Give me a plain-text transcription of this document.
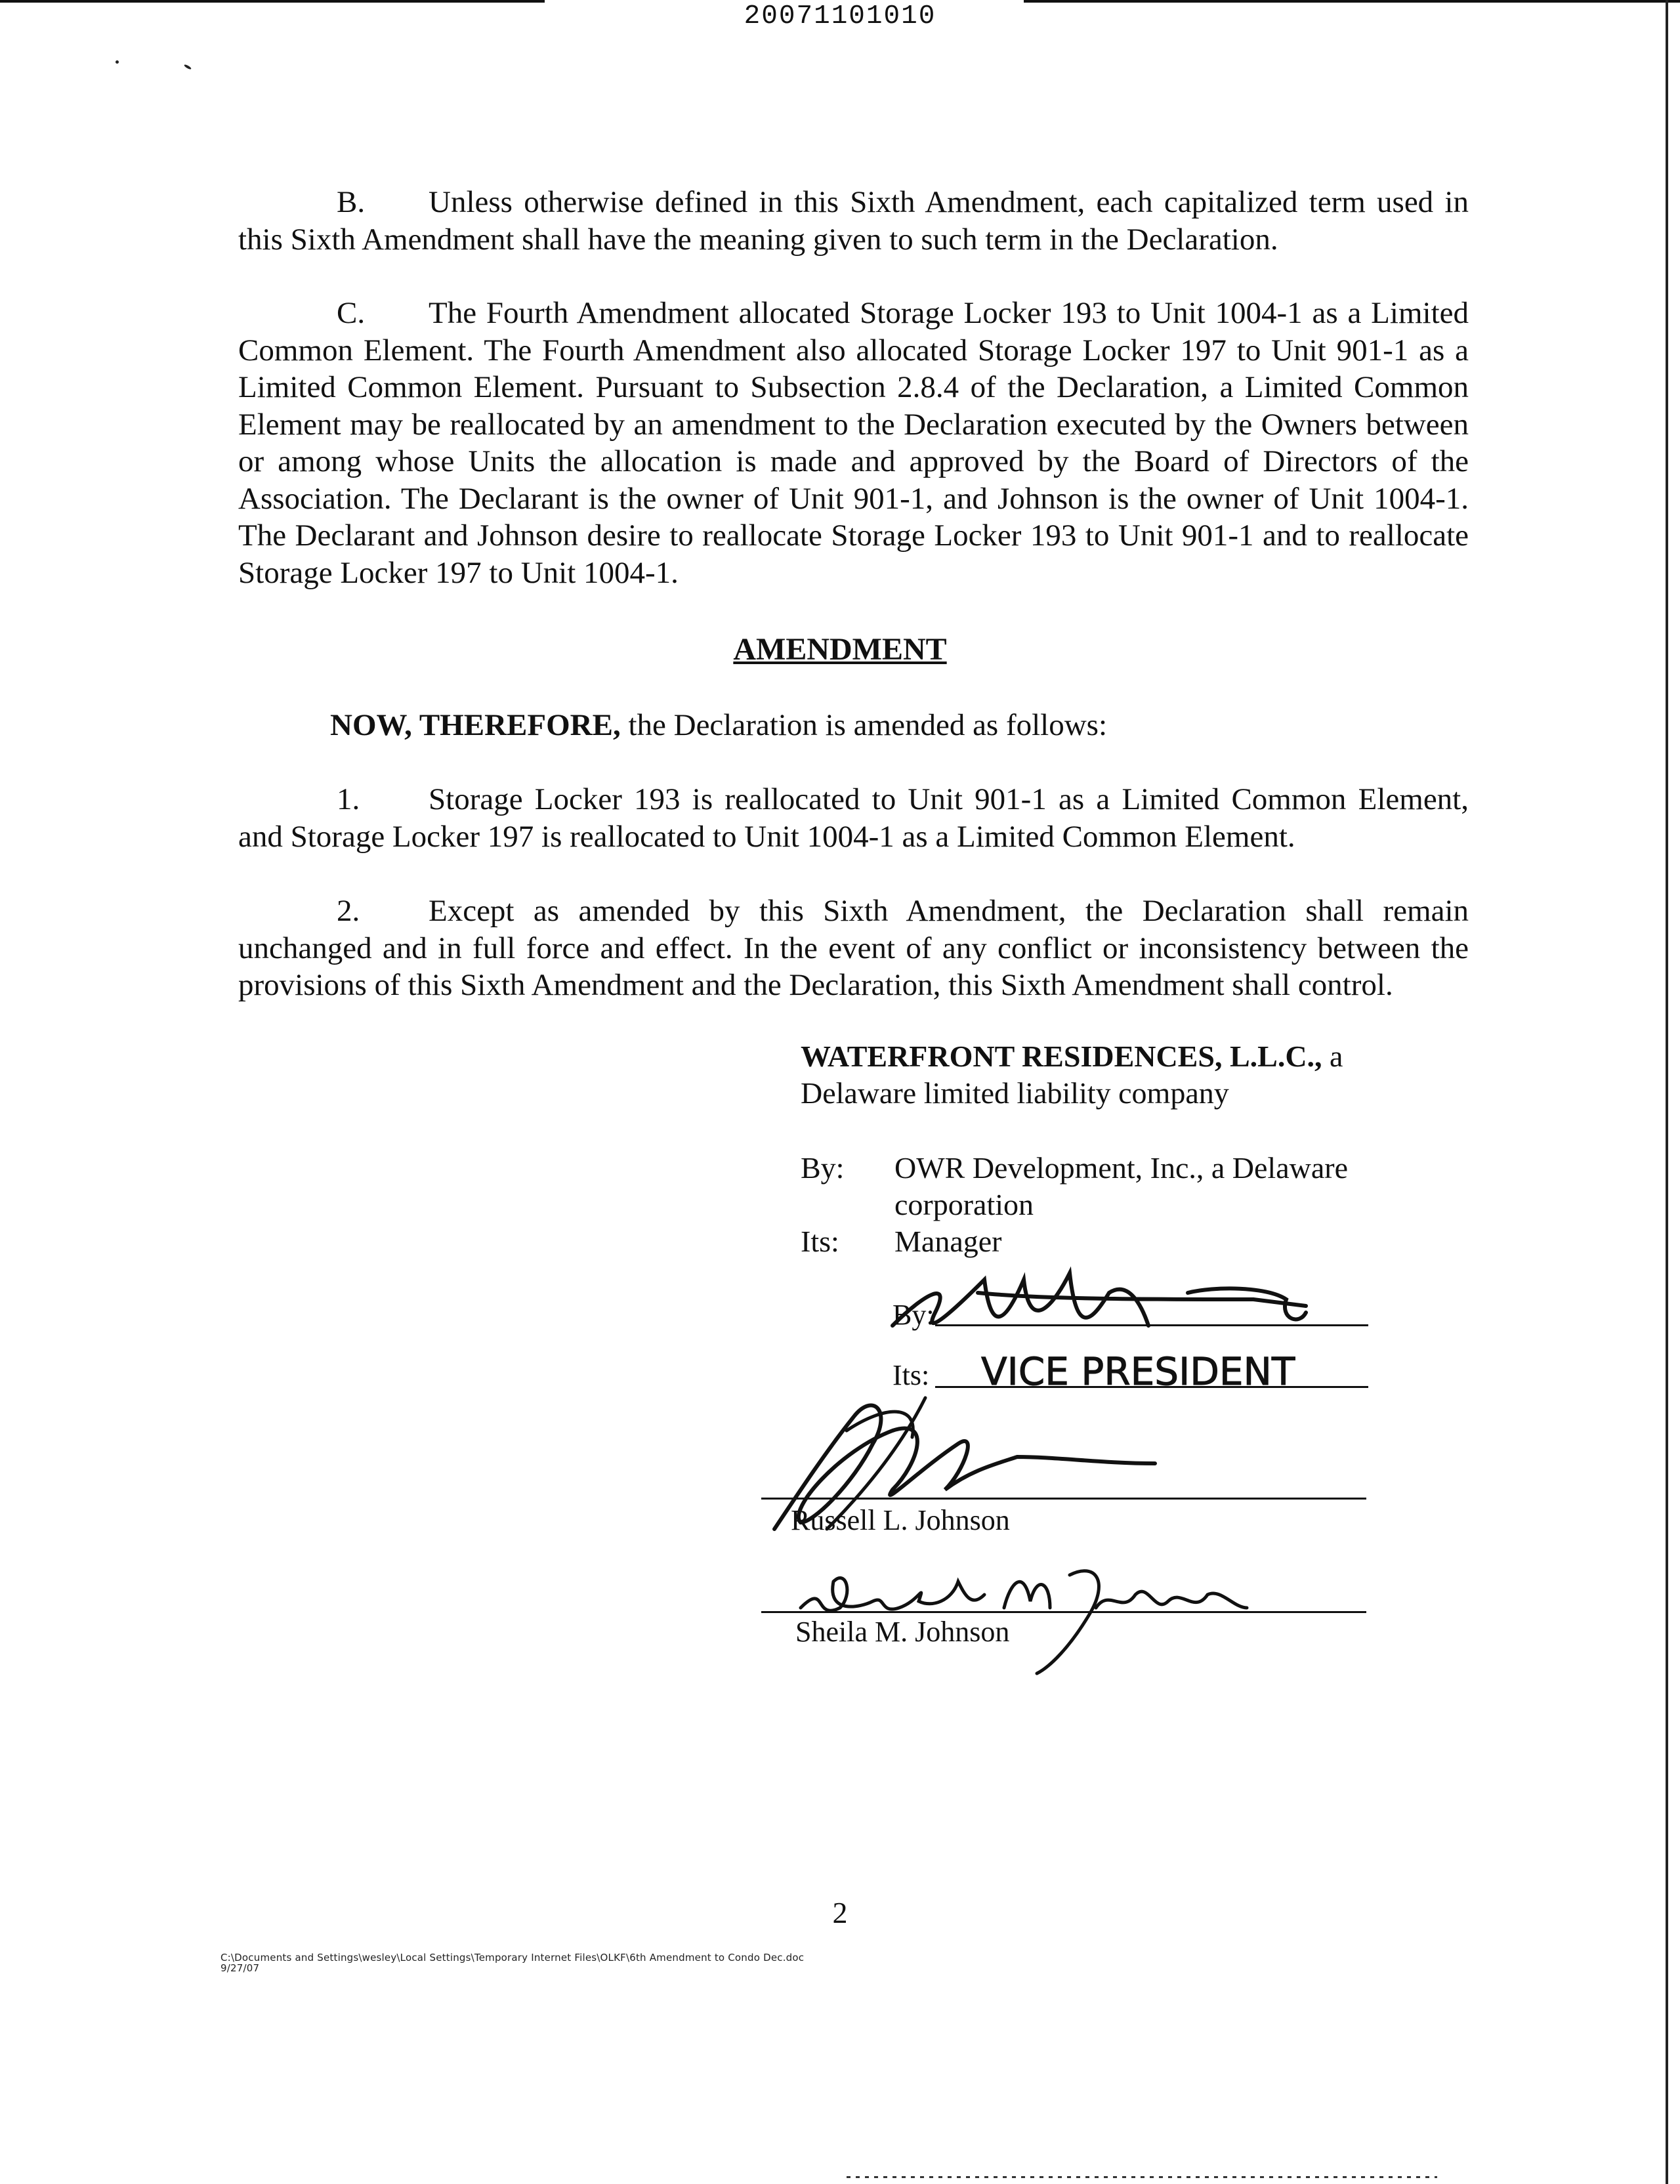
20071101010
B. Unless otherwise defined in this Sixth Amendment, each capitalized term used in this Sixth Amendment shall have the meaning given to such term in the Declaration.
C. The Fourth Amendment allocated Storage Locker 193 to Unit 1004-1 as a Limited Common Element. The Fourth Amendment also allocated Storage Locker 197 to Unit 901-1 as a Limited Common Element. Pursuant to Subsection 2.8.4 of the Declaration, a Limited Common Element may be reallocated by an amendment to the Declaration executed by the Owners between or among whose Units the allocation is made and approved by the Board of Directors of the Association. The Declarant is the owner of Unit 901-1, and Johnson is the owner of Unit 1004-1. The Declarant and Johnson desire to reallocate Storage Locker 193 to Unit 901-1 and to reallocate Storage Locker 197 to Unit 1004-1.
AMENDMENT
NOW, THEREFORE, the Declaration is amended as follows:
1. Storage Locker 193 is reallocated to Unit 901-1 as a Limited Common Element, and Storage Locker 197 is reallocated to Unit 1004-1 as a Limited Common Element.
2. Except as amended by this Sixth Amendment, the Declaration shall remain unchanged and in full force and effect. In the event of any conflict or inconsistency between the provisions of this Sixth Amendment and the Declaration, this Sixth Amendment shall control.
WATERFRONT RESIDENCES, L.L.C., a
Delaware limited liability company
By: OWR Development, Inc., a Delaware
corporation
Its: Manager
By:
Its: VICE PRESIDENT
Russell L. Johnson
Sheila M. Johnson
2
C:\Documents and Settings\wesley\Local Settings\Temporary Internet Files\OLKF\6th Amendment to Condo Dec.doc
9/27/07
